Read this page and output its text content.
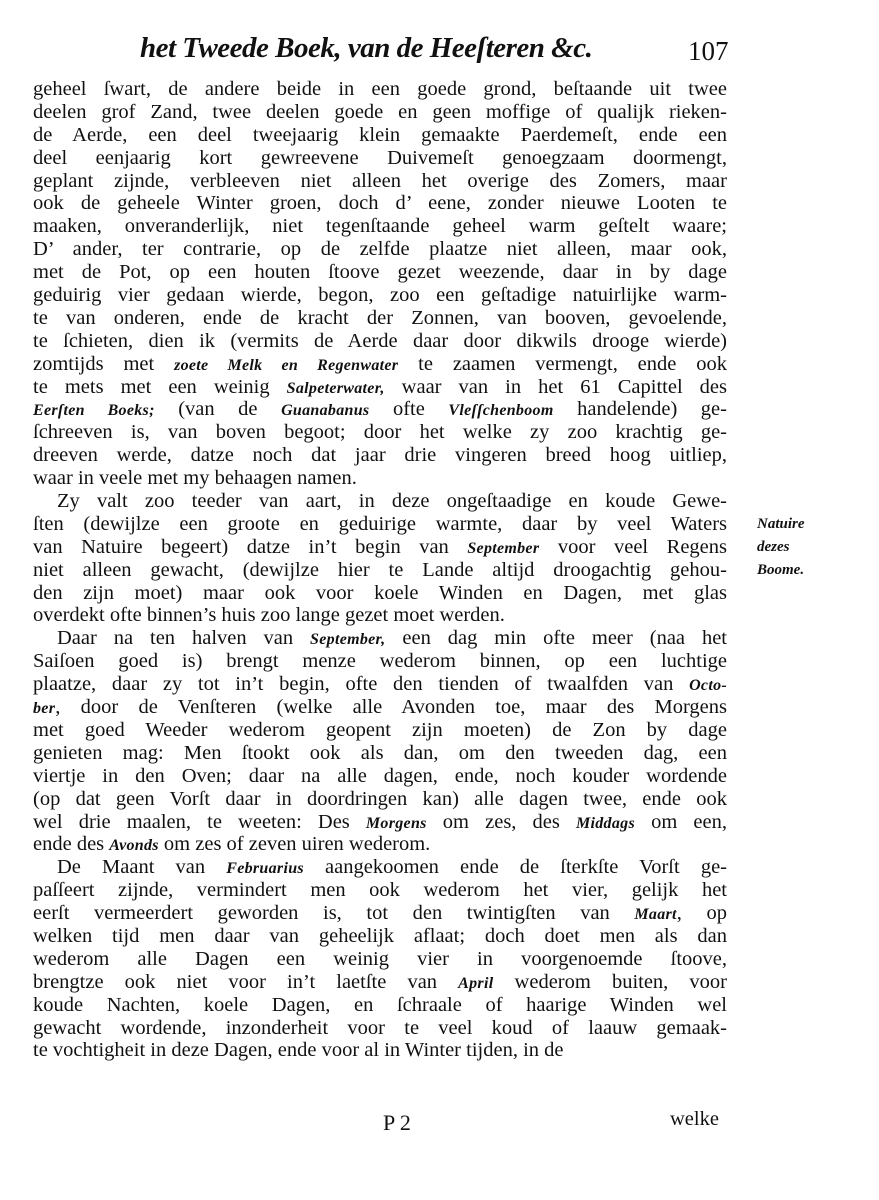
het Tweede Boek, van de Heeſteren &c.	107
geheel ſwart, de andere beide in een goede grond, beſtaande uit twee
deelen grof Zand, twee deelen goede en geen moffige of qualijk rieken-
de Aerde, een deel tweejaarig klein gemaakte Paerdemeſt, ende een
deel eenjaarig kort gewreevene Duivemeſt genoegzaam doormengt,
geplant zijnde, verbleeven niet alleen het overige des Zomers, maar
ook de geheele Winter groen, doch d’ eene, zonder nieuwe Looten te
maaken, onveranderlijk, niet tegenſtaande geheel warm geſtelt waare;
D’ ander, ter contrarie, op de zelfde plaatze niet alleen, maar ook,
met de Pot, op een houten ſtoove gezet weezende, daar in by dage
geduirig vier gedaan wierde, begon, zoo een geſtadige natuirlijke warm-
te van onderen, ende de kracht der Zonnen, van booven, gevoelende,
te ſchieten, dien ik (vermits de Aerde daar door dikwils drooge wierde)
zomtijds met zoete Melk en Regenwater te zaamen vermengt, ende ook
te mets met een weinig Salpeterwater, waar van in het 61 Capittel des
Eerſten Boeks; (van de Guanabanus ofte Vleſſchenboom handelende) ge-
ſchreeven is, van boven begoot; door het welke zy zoo krachtig ge-
dreeven werde, datze noch dat jaar drie vingeren breed hoog uitliep,
waar in veele met my behaagen namen.
Zy valt zoo teeder van aart, in deze ongeſtaadige en koude Gewe-
ſten (dewijlze een groote en geduirige warmte, daar by veel Waters
van Natuire begeert) datze in’t begin van September voor veel Regens
niet alleen gewacht, (dewijlze hier te Lande altijd droogachtig gehou-
den zijn moet) maar ook voor koele Winden en Dagen, met glas
overdekt ofte binnen’s huis zoo lange gezet moet werden.
Daar na ten halven van September, een dag min ofte meer (naa het
Saiſoen goed is) brengt menze wederom binnen, op een luchtige
plaatze, daar zy tot in’t begin, ofte den tienden of twaalfden van Octo-
ber, door de Venſteren (welke alle Avonden toe, maar des Morgens
met goed Weeder wederom geopent zijn moeten) de Zon by dage
genieten mag: Men ſtookt ook als dan, om den tweeden dag, een
viertje in den Oven; daar na alle dagen, ende, noch kouder wordende
(op dat geen Vorſt daar in doordringen kan) alle dagen twee, ende ook
wel drie maalen, te weeten: Des Morgens om zes, des Middags om een,
ende des Avonds om zes of zeven uiren wederom.
De Maant van Februarius aangekoomen ende de ſterkſte Vorſt ge-
paſſeert zijnde, vermindert men ook wederom het vier, gelijk het
eerſt vermeerdert geworden is, tot den twintigſten van Maart, op
welken tijd men daar van geheelijk aflaat; doch doet men als dan
wederom alle Dagen een weinig vier in voorgenoemde ſtoove,
brengtze ook niet voor in’t laetſte van April wederom buiten, voor
koude Nachten, koele Dagen, en ſchraale of haarige Winden wel
gewacht wordende, inzonderheit voor te veel koud of laauw gemaak-
te vochtigheit in deze Dagen, ende voor al in Winter tijden, in de
Natuire
dezes
Boome.
P 2	welke
